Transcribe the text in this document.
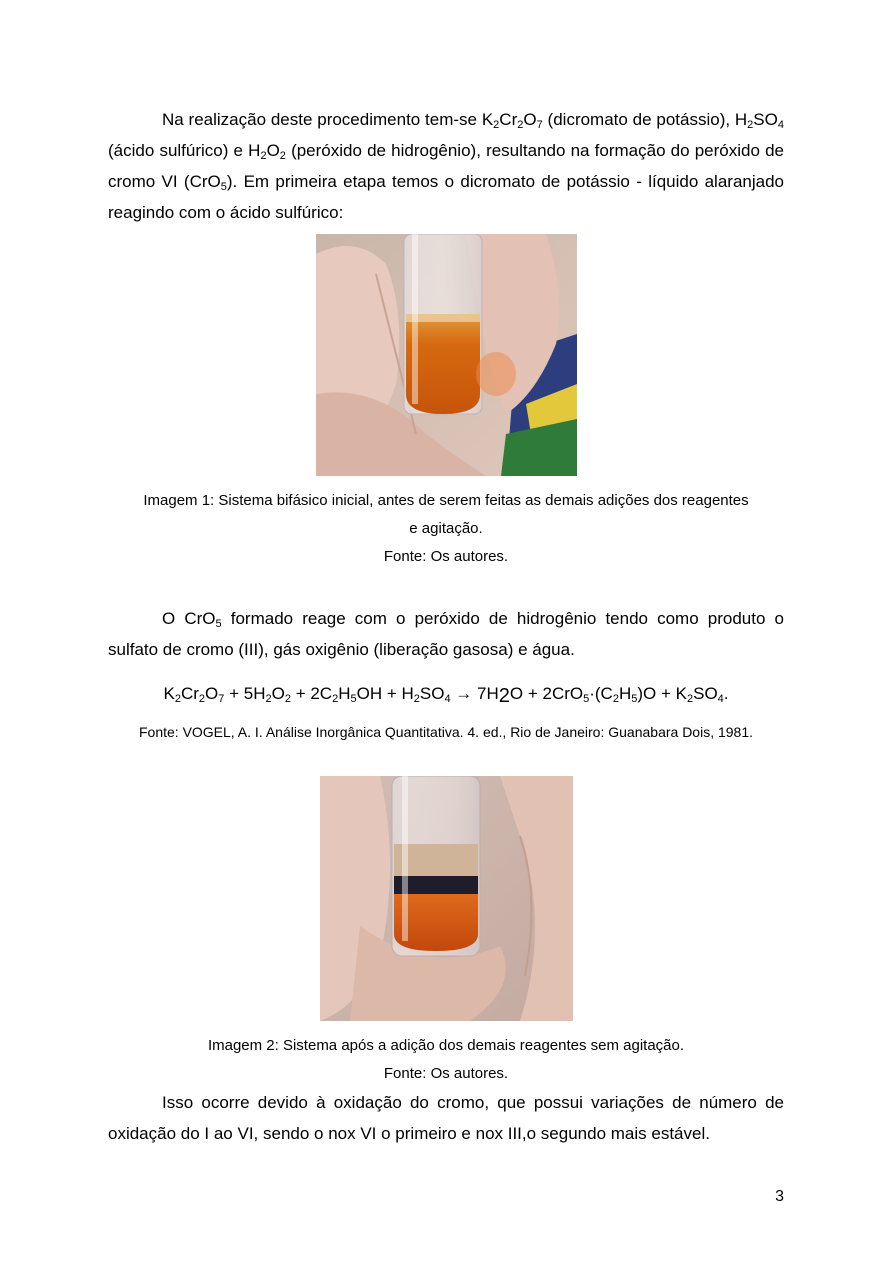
Na realização deste procedimento tem-se $K_2Cr_2O_7$ (dicromato de potássio), $H_2SO_4$ (ácido sulfúrico) e $H_2O_2$ (peróxido de hidrogênio), resultando na formação do peróxido de cromo VI (CrO$_5$). Em primeira etapa temos o dicromato de potássio - líquido alaranjado reagindo com o ácido sulfúrico:

Imagem 1: Sistema bifásico inicial, antes de serem feitas as demais adições dos reagentes
e agitação.
Fonte: Os autores.

O CrO$_5$ formado reage com o peróxido de hidrogênio tendo como produto o sulfato de cromo (III), gás oxigênio (liberação gasosa) e água.

$K_2Cr_2O_7 + 5H_2O_2 + 2C_2H_5OH + H_2SO_4 \to 7H2O + 2CrO_5\cdot(C_2H_5)O + K_2SO_4$.
Fonte: VOGEL, A. I. Análise Inorgânica Quantitativa. 4. ed., Rio de Janeiro: Guanabara Dois, 1981.
Imagem 2: Sistema após a adição dos demais reagentes sem agitação.
Fonte: Os autores.

Isso ocorre devido à oxidação do cromo, que possui variações de número de oxidação do I ao VI, sendo o nox VI o primeiro e nox III,o segundo mais estável.

3
